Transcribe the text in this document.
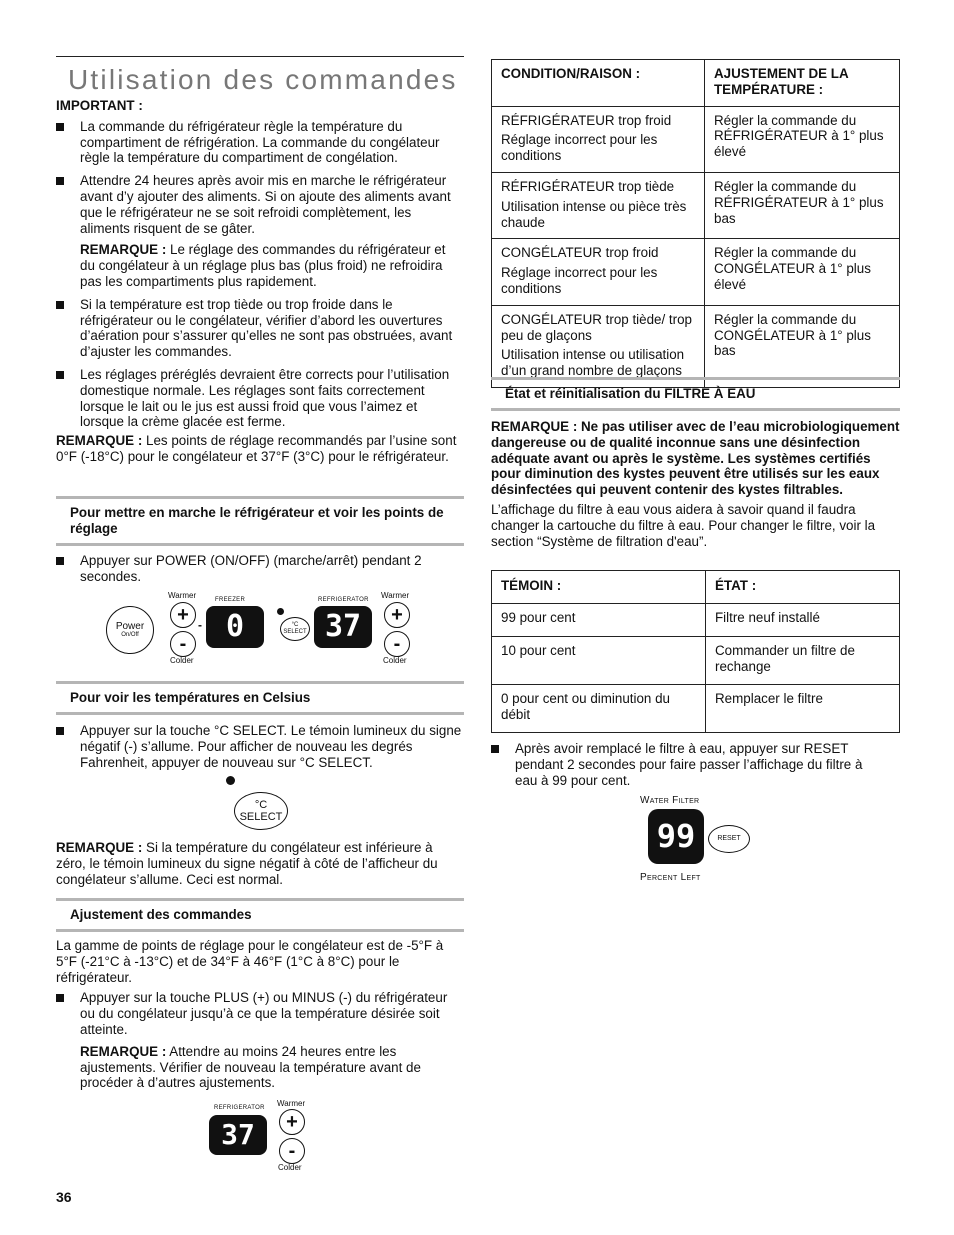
Utilisation des commandes

IMPORTANT :

La commande du réfrigérateur règle la température du compartiment de réfrigération. La commande du congélateur règle la température du compartiment de congélation.

Attendre 24 heures après avoir mis en marche le réfrigérateur avant d’y ajouter des aliments. Si on ajoute des aliments avant que le réfrigérateur ne se soit refroidi complètement, les aliments risquent de se gâter.

REMARQUE : Le réglage des commandes du réfrigérateur et du congélateur à un réglage plus bas (plus froid) ne refroidira pas les compartiments plus rapidement.

Si la température est trop tiède ou trop froide dans le réfrigérateur ou le congélateur, vérifier d’abord les ouvertures d’aération pour s’assurer qu’elles ne sont pas obstruées, avant d’ajuster les commandes.

Les réglages préréglés devraient être corrects pour l’utilisation domestique normale. Les réglages sont faits correctement lorsque le lait ou le jus est aussi froid que vous l’aimez et lorsque la crème glacée est ferme.

REMARQUE : Les points de réglage recommandés par l’usine sont 0°F (-18°C) pour le congélateur et 37°F (3°C) pour le réfrigérateur.

Pour mettre en marche le réfrigérateur et voir les points de réglage

Appuyer sur POWER (ON/OFF) (marche/arrêt) pendant 2 secondes.

Power
On/Off
Warmer
+
-
Colder
-
FREEZER
0	°C
SELECT
REFRIGERATOR
37
Warmer
+
-
Colder
Pour voir les températures en Celsius

Appuyer sur la touche °C SELECT. Le témoin lumineux du signe négatif (-) s’allume. Pour afficher de nouveau les degrés Fahrenheit, appuyer de nouveau sur °C SELECT.

°C
SELECT

REMARQUE : Si la température du congélateur est inférieure à zéro, le témoin lumineux du signe négatif à côté de l’afficheur du congélateur s’allume. Ceci est normal.

Ajustement des commandes

La gamme de points de réglage pour le congélateur est de -5°F à 5°F (-21°C à -13°C) et de 34°F à 46°F (1°C à 8°C) pour le réfrigérateur.

Appuyer sur la touche PLUS (+) ou MINUS (-) du réfrigérateur ou du congélateur jusqu’à ce que la température désirée soit atteinte.

REMARQUE : Attendre au moins 24 heures entre les ajustements. Vérifier de nouveau la température avant de procéder à d’autres ajustements.

REFRIGERATOR
37
Warmer
+
-
Colder
36
CONDITION/RAISON :	AJUSTEMENT DE LA TEMPÉRATURE :

RÉFRIGÉRATEUR trop froid

Réglage incorrect pour les conditions	Régler la commande du RÉFRIGÉRATEUR à 1° plus élevé

RÉFRIGÉRATEUR trop tiède

Utilisation intense ou pièce très chaude	Régler la commande du RÉFRIGÉRATEUR à 1° plus bas

CONGÉLATEUR trop froid

Réglage incorrect pour les conditions	Régler la commande du CONGÉLATEUR à 1° plus élevé

CONGÉLATEUR trop tiède/ trop peu de glaçons

Utilisation intense ou utilisation d’un grand nombre de glaçons	Régler la commande du CONGÉLATEUR à 1° plus bas
État et réinitialisation du FILTRE À EAU

REMARQUE : Ne pas utiliser avec de l’eau microbiologiquement dangereuse ou de qualité inconnue sans une désinfection adéquate avant ou après le système. Les systèmes certifiés pour diminution des kystes peuvent être utilisés sur les eaux désinfectées qui peuvent contenir des kystes filtrables.

L’affichage du filtre à eau vous aidera à savoir quand il faudra changer la cartouche du filtre à eau. Pour changer le filtre, voir la section “Système de filtration d'eau”.

TÉMOIN :	ÉTAT :
99 pour cent	Filtre neuf installé
10 pour cent	Commander un filtre de rechange
0 pour cent ou diminution du débit	Remplacer le filtre

Après avoir remplacé le filtre à eau, appuyer sur RESET pendant 2 secondes pour faire passer l’affichage du filtre à eau à 99 pour cent.

Water Filter
99	RESET
Percent Left
